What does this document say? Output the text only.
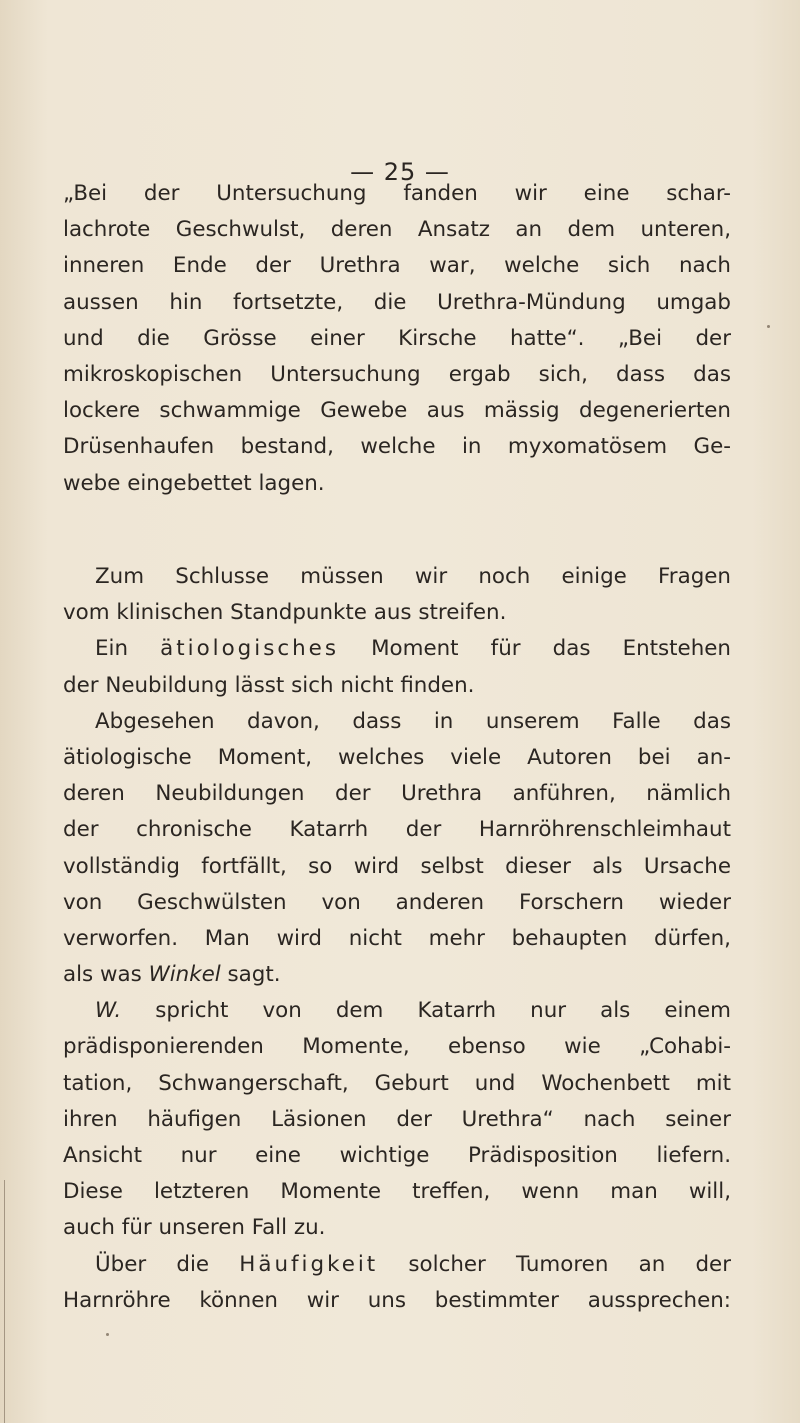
— 25 —
„Bei der Untersuchung fanden wir eine schar-
lachrote Geschwulst, deren Ansatz an dem unteren,
inneren Ende der Urethra war, welche sich nach
aussen hin fortsetzte, die Urethra-Mündung umgab
und die Grösse einer Kirsche hatte“. „Bei der
mikroskopischen Untersuchung ergab sich, dass das
lockere schwammige Gewebe aus mässig degenerierten
Drüsenhaufen bestand, welche in myxomatösem Ge-
webe eingebettet lagen.
Zum Schlusse müssen wir noch einige Fragen
vom klinischen Standpunkte aus streifen.
Ein ätiologisches Moment für das Entstehen
der Neubildung lässt sich nicht finden.
Abgesehen davon, dass in unserem Falle das
ätiologische Moment, welches viele Autoren bei an-
deren Neubildungen der Urethra anführen, nämlich
der chronische Katarrh der Harnröhrenschleimhaut
vollständig fortfällt, so wird selbst dieser als Ursache
von Geschwülsten von anderen Forschern wieder
verworfen. Man wird nicht mehr behaupten dürfen,
als was Winkel sagt.
W. spricht von dem Katarrh nur als einem
prädisponierenden Momente, ebenso wie „Cohabi-
tation, Schwangerschaft, Geburt und Wochenbett mit
ihren häufigen Läsionen der Urethra“ nach seiner
Ansicht nur eine wichtige Prädisposition liefern.
Diese letzteren Momente treffen, wenn man will,
auch für unseren Fall zu.
Über die Häufigkeit solcher Tumoren an der
Harnröhre können wir uns bestimmter aussprechen:
